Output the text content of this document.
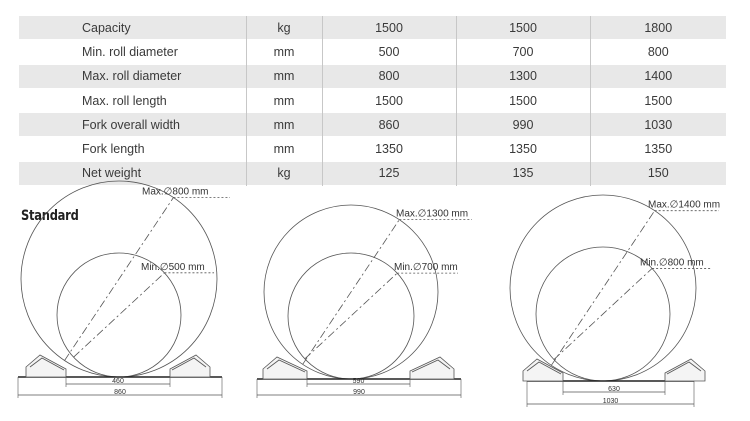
Capacity	kg	1500	1500	1800
Min. roll diameter	mm	500	700	800
Max. roll diameter	mm	800	1300	1400
Max. roll length	mm	1500	1500	1500
Fork overall width	mm	860	990	1030
Fork length	mm	1350	1350	1350
Net weight	kg	125	135	150
Standard
Max.∅800 mm
Min.∅500 mm
460
860
Max.∅1300 mm
Min.∅700 mm
590
990
Max.∅1400 mm
Min.∅800 mm
630
1030
